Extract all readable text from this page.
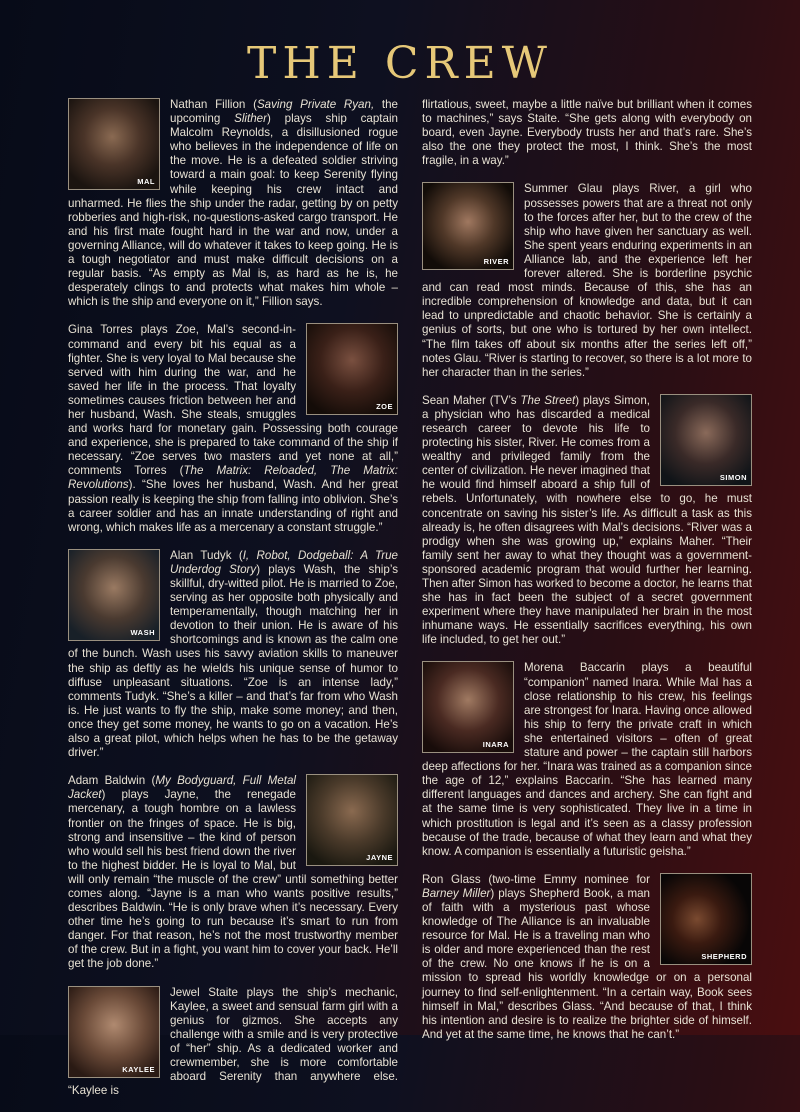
THE CREW
MAL

Nathan Fillion (Saving Private Ryan, the upcoming Slither) plays ship captain Malcolm Reynolds, a disillusioned rogue who believes in the independence of life on the move. He is a defeated soldier striving toward a main goal: to keep Serenity flying while keeping his crew intact and unharmed. He flies the ship under the radar, getting by on petty robberies and high-risk, no-questions-asked cargo transport. He and his first mate fought hard in the war and now, under a governing Alliance, will do whatever it takes to keep going. He is a tough negotiator and must make difficult decisions on a regular basis. “As empty as Mal is, as hard as he is, he desperately clings to and protects what makes him whole – which is the ship and everyone on it,” Fillion says.

ZOE

Gina Torres plays Zoe, Mal’s second-in-command and every bit his equal as a fighter. She is very loyal to Mal because she served with him during the war, and he saved her life in the process. That loyalty sometimes causes friction between her and her husband, Wash. She steals, smuggles and works hard for monetary gain. Possessing both courage and experience, she is prepared to take command of the ship if necessary. “Zoe serves two masters and yet none at all,” comments Torres (The Matrix: Reloaded, The Matrix: Revolutions). “She loves her husband, Wash. And her great passion really is keeping the ship from falling into oblivion. She’s a career soldier and has an innate understanding of right and wrong, which makes life as a mercenary a constant struggle.”

WASH

Alan Tudyk (I, Robot, Dodgeball: A True Underdog Story) plays Wash, the ship’s skillful, dry-witted pilot. He is married to Zoe, serving as her opposite both physically and temperamentally, though matching her in devotion to their union. He is aware of his shortcomings and is known as the calm one of the bunch. Wash uses his savvy aviation skills to maneuver the ship as deftly as he wields his unique sense of humor to diffuse unpleasant situations. “Zoe is an intense lady,” comments Tudyk. “She’s a killer – and that’s far from who Wash is. He just wants to fly the ship, make some money; and then, once they get some money, he wants to go on a vacation. He’s also a great pilot, which helps when he has to be the getaway driver.”

JAYNE

Adam Baldwin (My Bodyguard, Full Metal Jacket) plays Jayne, the renegade mercenary, a tough hombre on a lawless frontier on the fringes of space. He is big, strong and insensitive – the kind of person who would sell his best friend down the river to the highest bidder. He is loyal to Mal, but will only remain “the muscle of the crew” until something better comes along. “Jayne is a man who wants positive results,” describes Baldwin. “He is only brave when it’s necessary. Every other time he’s going to run because it’s smart to run from danger. For that reason, he’s not the most trustworthy member of the crew. But in a fight, you want him to cover your back. He’ll get the job done.”

KAYLEE

Jewel Staite plays the ship’s mechanic, Kaylee, a sweet and sensual farm girl with a genius for gizmos. She accepts any challenge with a smile and is very protective of “her” ship. As a dedicated worker and crewmember, she is more comfortable aboard Serenity than anywhere else. “Kaylee is

flirtatious, sweet, maybe a little naïve but brilliant when it comes to machines,” says Staite. “She gets along with everybody on board, even Jayne. Everybody trusts her and that’s rare. She’s also the one they protect the most, I think. She’s the most fragile, in a way.”

RIVER

Summer Glau plays River, a girl who possesses powers that are a threat not only to the forces after her, but to the crew of the ship who have given her sanctuary as well. She spent years enduring experiments in an Alliance lab, and the experience left her forever altered. She is borderline psychic and can read most minds. Because of this, she has an incredible comprehension of knowledge and data, but it can lead to unpredictable and chaotic behavior. She is certainly a genius of sorts, but one who is tortured by her own intellect. “The film takes off about six months after the series left off,” notes Glau. “River is starting to recover, so there is a lot more to her character than in the series.”

SIMON

Sean Maher (TV’s The Street) plays Simon, a physician who has discarded a medical research career to devote his life to protecting his sister, River. He comes from a wealthy and privileged family from the center of civilization. He never imagined that he would find himself aboard a ship full of rebels. Unfortunately, with nowhere else to go, he must concentrate on saving his sister’s life. As difficult a task as this already is, he often disagrees with Mal’s decisions. “River was a prodigy when she was growing up,” explains Maher. “Their family sent her away to what they thought was a government-sponsored academic program that would further her learning. Then after Simon has worked to become a doctor, he learns that she has in fact been the subject of a secret government experiment where they have manipulated her brain in the most inhumane ways. He essentially sacrifices everything, his own life included, to get her out.”

INARA

Morena Baccarin plays a beautiful “companion” named Inara. While Mal has a close relationship to his crew, his feelings are strongest for Inara. Having once allowed his ship to ferry the private craft in which she entertained visitors – often of great stature and power – the captain still harbors deep affections for her. “Inara was trained as a companion since the age of 12,” explains Baccarin. “She has learned many different languages and dances and archery. She can fight and at the same time is very sophisticated. They live in a time in which prostitution is legal and it’s seen as a classy profession because of the trade, because of what they learn and what they know. A companion is essentially a futuristic geisha.”

SHEPHERD

Ron Glass (two-time Emmy nominee for Barney Miller) plays Shepherd Book, a man of faith with a mysterious past whose knowledge of The Alliance is an invaluable resource for Mal. He is a traveling man who is older and more experienced than the rest of the crew. No one knows if he is on a mission to spread his worldly knowledge or on a personal journey to find self-enlightenment. “In a certain way, Book sees himself in Mal,” describes Glass. “And because of that, I think his intention and desire is to realize the brighter side of himself. And yet at the same time, he knows that he can’t.”
